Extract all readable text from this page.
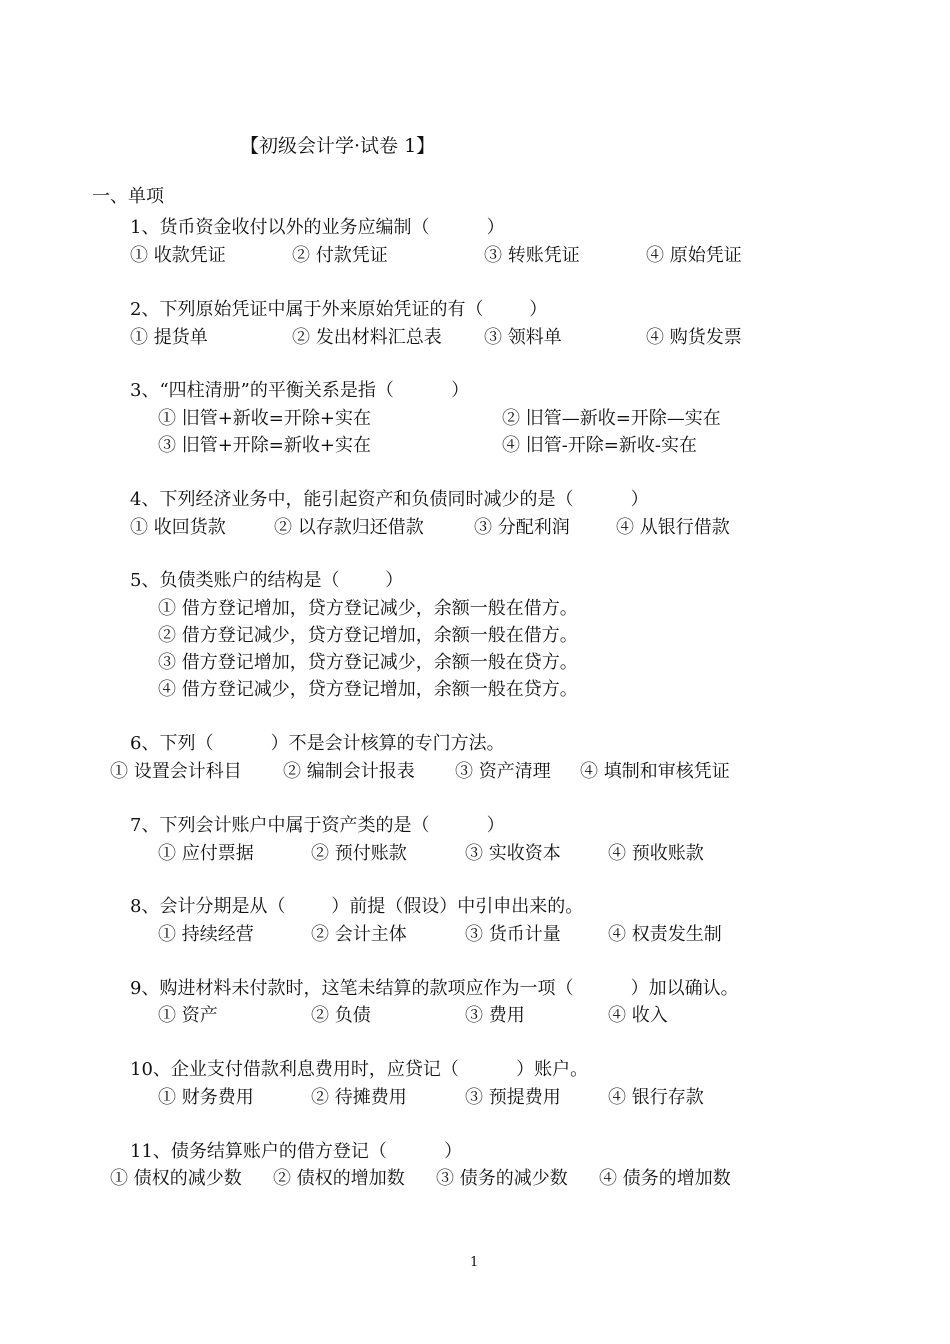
【初级会计学·试卷 1】
一、单项
1、货币资金收付以外的业务应编制（          ）
① 收款凭证	② 付款凭证	③ 转账凭证	④ 原始凭证
2、下列原始凭证中属于外来原始凭证的有（        ）
① 提货单	② 发出材料汇总表 ③ 领料单	④ 购货发票
3、“四柱清册”的平衡关系是指（          ）
① 旧管+新收=开除+实在	② 旧管—新收=开除—实在
③ 旧管+开除=新收+实在	④ 旧管-开除=新收-实在
4、下列经济业务中，能引起资产和负债同时减少的是（          ）
① 收回货款	② 以存款归还借款	③ 分配利润	④ 从银行借款
5、负债类账户的结构是（        ）
① 借方登记增加，贷方登记减少，余额一般在借方。
② 借方登记减少，贷方登记增加，余额一般在借方。
③ 借方登记增加，贷方登记减少，余额一般在贷方。
④ 借方登记减少，贷方登记增加，余额一般在贷方。
6、下列（          ）不是会计核算的专门方法。
① 设置会计科目 ② 编制会计报表 ③ 资产清理 ④ 填制和审核凭证
7、下列会计账户中属于资产类的是（          ）
① 应付票据	② 预付账款	③ 实收资本	④ 预收账款
8、会计分期是从（        ）前提（假设）中引申出来的。
① 持续经营	② 会计主体	③ 货币计量	④ 权责发生制
9、购进材料未付款时，这笔未结算的款项应作为一项（          ）加以确认。
① 资产	② 负债	③ 费用	④ 收入
10、企业支付借款利息费用时，应贷记（          ）账户。
① 财务费用	② 待摊费用	③ 预提费用	④ 银行存款
11、债务结算账户的借方登记（          ）
① 债权的减少数 ② 债权的增加数 ③ 债务的减少数 ④ 债务的增加数
1
